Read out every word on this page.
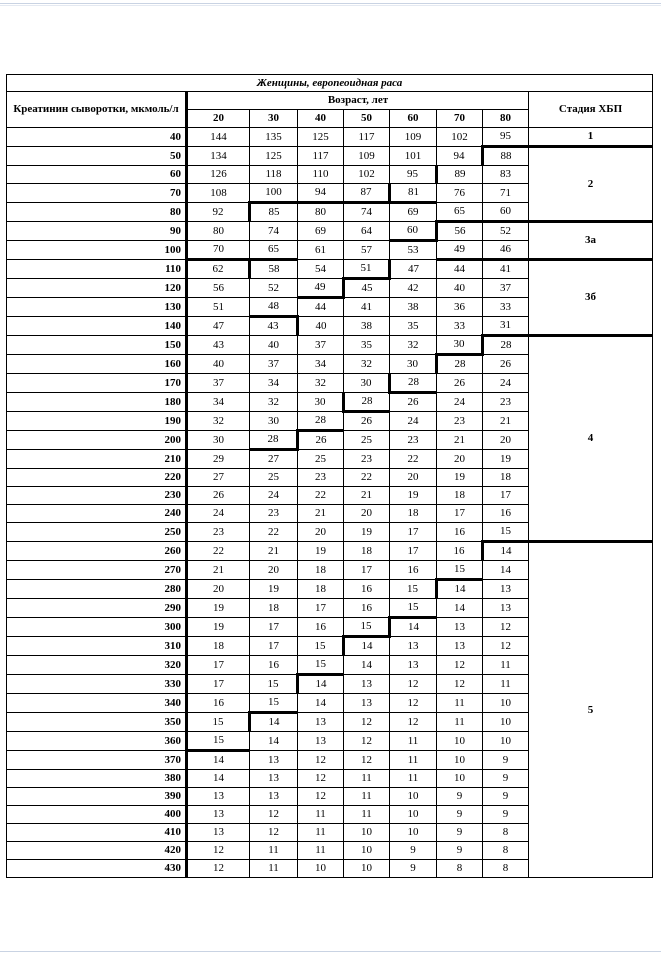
Женщины, европеоидная раса								
Креатинин сыворотки, мкмоль/л	Возраст, лет							Стадия ХБП
	20	30	40	50	60	70	80	
40	144	135	125	117	109	102	95	1
50	134	125	117	109	101	94	88	2
60	126	118	110	102	95	89	83	
70	108	100	94	87	81	76	71	
80	92	85	80	74	69	65	60	
90	80	74	69	64	60	56	52	3а
100	70	65	61	57	53	49	46	
110	62	58	54	51	47	44	41	3б
120	56	52	49	45	42	40	37	
130	51	48	44	41	38	36	33	
140	47	43	40	38	35	33	31	
150	43	40	37	35	32	30	28	4
160	40	37	34	32	30	28	26	
170	37	34	32	30	28	26	24	
180	34	32	30	28	26	24	23	
190	32	30	28	26	24	23	21	
200	30	28	26	25	23	21	20	
210	29	27	25	23	22	20	19	
220	27	25	23	22	20	19	18	
230	26	24	22	21	19	18	17	
240	24	23	21	20	18	17	16	
250	23	22	20	19	17	16	15	
260	22	21	19	18	17	16	14	5
270	21	20	18	17	16	15	14	
280	20	19	18	16	15	14	13	
290	19	18	17	16	15	14	13	
300	19	17	16	15	14	13	12	
310	18	17	15	14	13	13	12	
320	17	16	15	14	13	12	11	
330	17	15	14	13	12	12	11	
340	16	15	14	13	12	11	10	
350	15	14	13	12	12	11	10	
360	15	14	13	12	11	10	10	
370	14	13	12	12	11	10	9	
380	14	13	12	11	11	10	9	
390	13	13	12	11	10	9	9	
400	13	12	11	11	10	9	9	
410	13	12	11	10	10	9	8	
420	12	11	11	10	9	9	8	
430	12	11	10	10	9	8	8	
